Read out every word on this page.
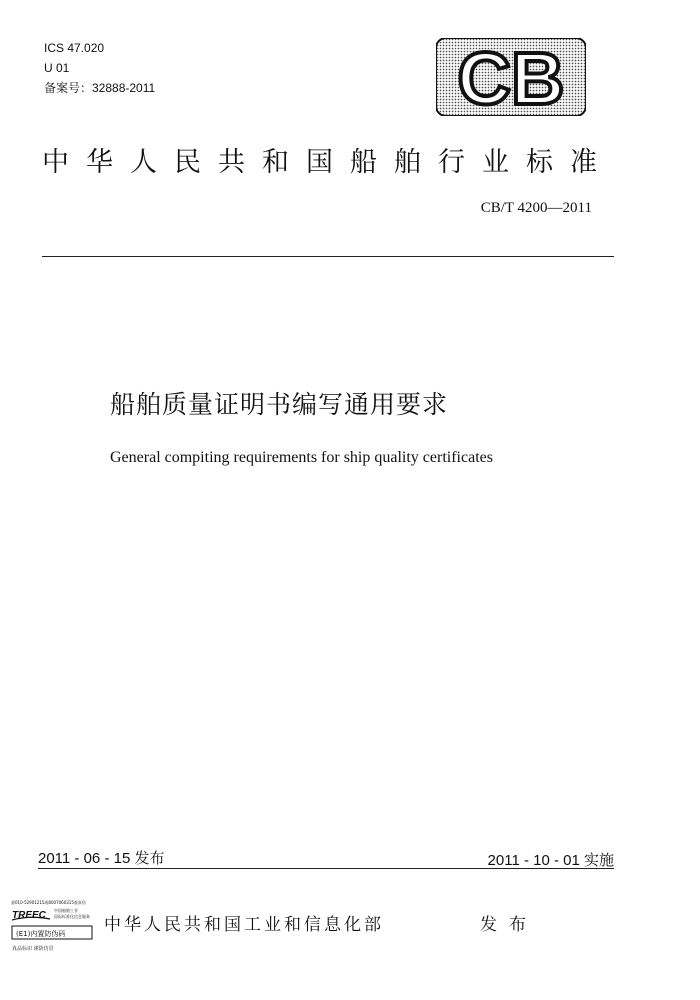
ICS 47.020
U 01
备案号：32888-2011	CB
中华人民共和国船舶行业标准
CB/T 4200—2011
船舶质量证明书编写通用要求
General compiting requirements for ship quality certificates
2011 - 06 - 15 发布	2011 - 10 - 01 实施
嘉010-52901215或8007060315查真伪
TREEC 中国船舶工业
国际标准化信息服务
(E1)内置防伪码
真品标识 谨防仿冒
中华人民共和国工业和信息化部	发布
